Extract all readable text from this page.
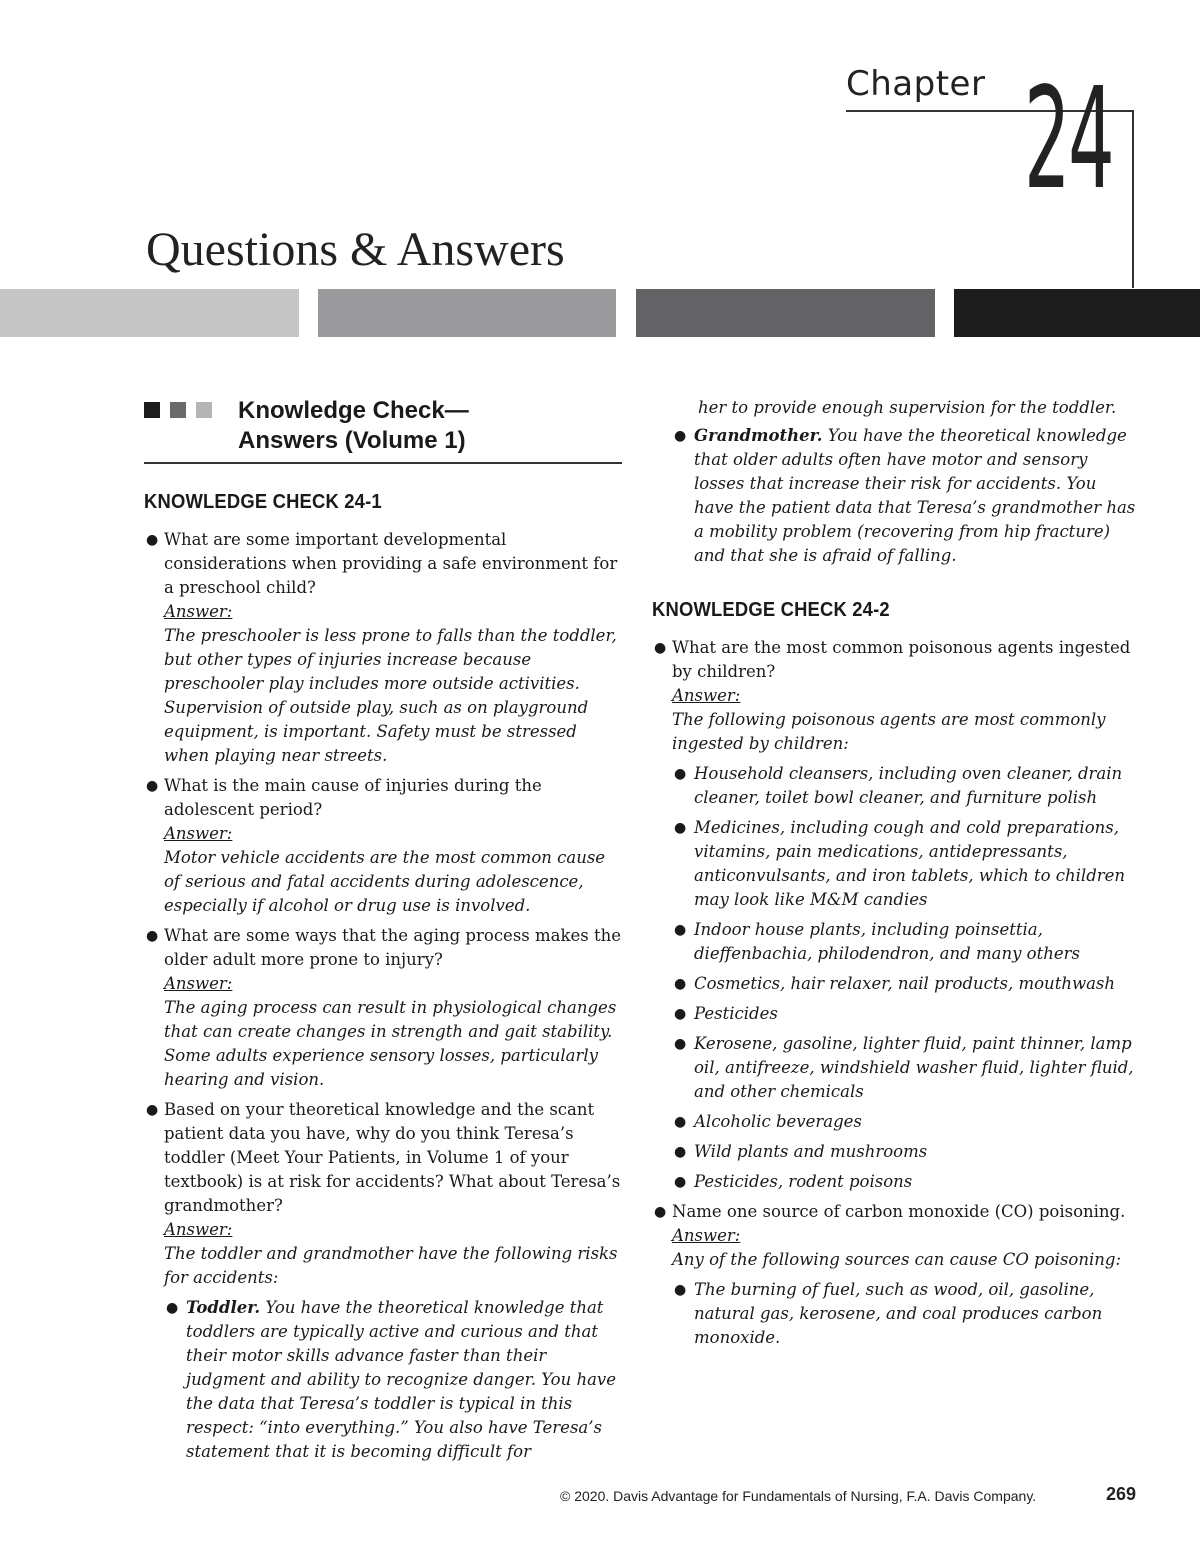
Chapter 24
Questions & Answers
Knowledge Check—
Answers (Volume 1)
KNOWLEDGE CHECK 24-1
● What are some important developmental considerations when providing a safe environment for a preschool child?
Answer:
The preschooler is less prone to falls than the toddler, but other types of injuries increase because preschooler play includes more outside activities. Supervision of outside play, such as on playground equipment, is important. Safety must be stressed when playing near streets.
● What is the main cause of injuries during the adolescent period?
Answer:
Motor vehicle accidents are the most common cause of serious and fatal accidents during adolescence, especially if alcohol or drug use is involved.
● What are some ways that the aging process makes the older adult more prone to injury?
Answer:
The aging process can result in physiological changes that can create changes in strength and gait stability. Some adults experience sensory losses, particularly hearing and vision.
● Based on your theoretical knowledge and the scant patient data you have, why do you think Teresa’s toddler (Meet Your Patients, in Volume 1 of your textbook) is at risk for accidents? What about Teresa’s grandmother?
Answer:
The toddler and grandmother have the following risks for accidents:
● Toddler. You have the theoretical knowledge that toddlers are typically active and curious and that their motor skills advance faster than their judgment and ability to recognize danger. You have the data that Teresa’s toddler is typical in this respect: “into everything.” You also have Teresa’s statement that it is becoming difficult for
her to provide enough supervision for the toddler.
● Grandmother. You have the theoretical knowledge that older adults often have motor and sensory losses that increase their risk for accidents. You have the patient data that Teresa’s grandmother has a mobility problem (recovering from hip fracture) and that she is afraid of falling.
KNOWLEDGE CHECK 24-2
● What are the most common poisonous agents ingested by children?
Answer:
The following poisonous agents are most commonly ingested by children:
● Household cleansers, including oven cleaner, drain cleaner, toilet bowl cleaner, and furniture polish
● Medicines, including cough and cold preparations, vitamins, pain medications, antidepressants, anticonvulsants, and iron tablets, which to children may look like M&M candies
● Indoor house plants, including poinsettia, dieffenbachia, philodendron, and many others
● Cosmetics, hair relaxer, nail products, mouthwash
● Pesticides
● Kerosene, gasoline, lighter fluid, paint thinner, lamp oil, antifreeze, windshield washer fluid, lighter fluid, and other chemicals
● Alcoholic beverages
● Wild plants and mushrooms
● Pesticides, rodent poisons
● Name one source of carbon monoxide (CO) poisoning.
Answer:
Any of the following sources can cause CO poisoning:
● The burning of fuel, such as wood, oil, gasoline, natural gas, kerosene, and coal produces carbon monoxide.
© 2020. Davis Advantage for Fundamentals of Nursing, F.A. Davis Company.	269
